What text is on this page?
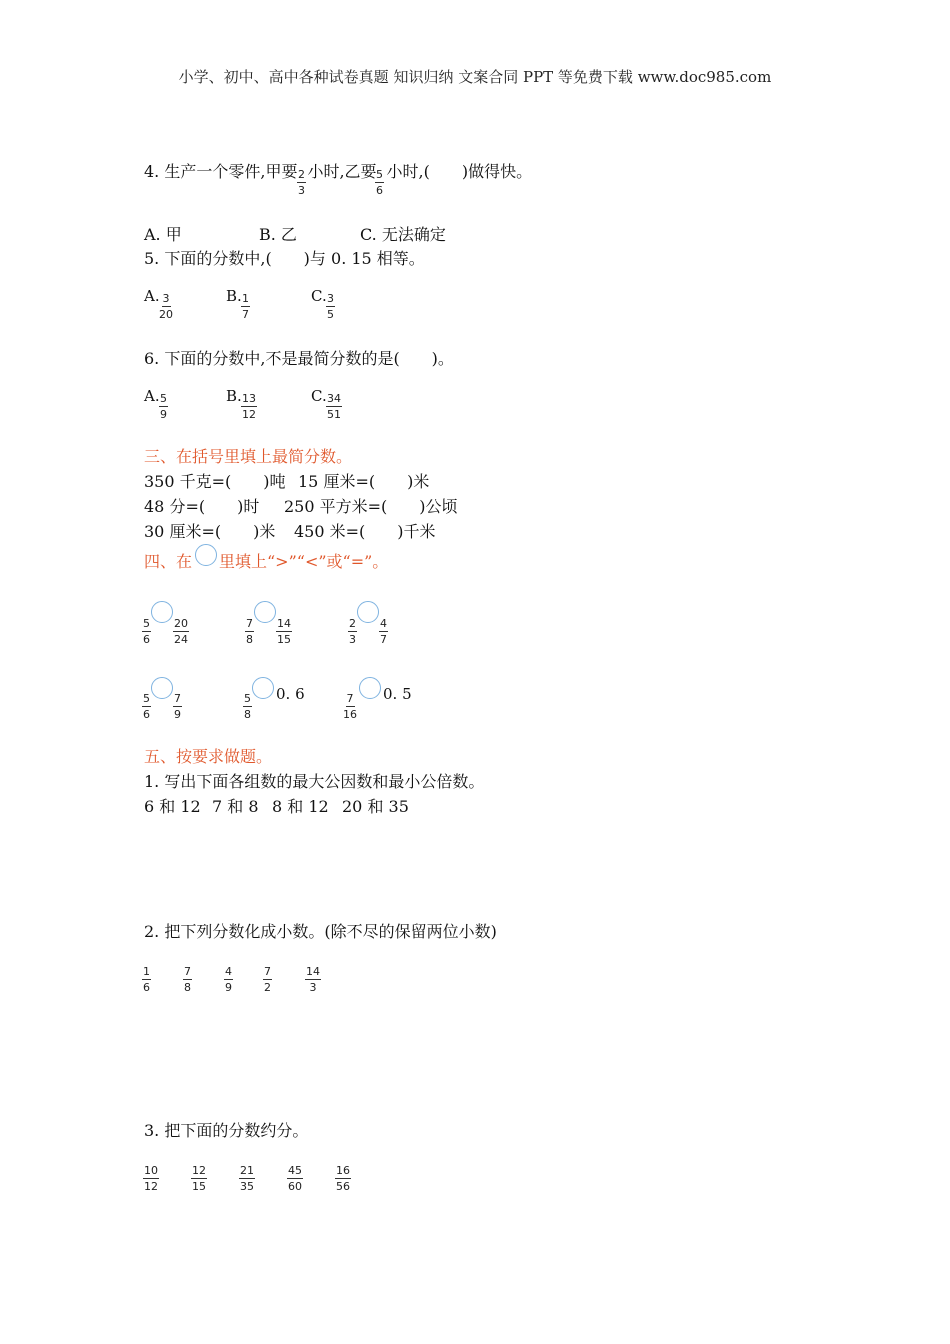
小学、初中、高中各种试卷真题 知识归纳 文案合同 PPT 等免费下载 www.doc985.com
4. 生产一个零件,甲要 小时,乙要 小时,(　　)做得快。
$\frac{2}{3}$	$\frac{5}{6}$
A. 甲	B. 乙	C. 无法确定
5. 下面的分数中,(　　)与 0. 15 相等。
A. $\frac{3}{20}$	B. $\frac{1}{7}$	C. $\frac{3}{5}$
6. 下面的分数中,不是最简分数的是(　　)。
A. $\frac{5}{9}$	B. $\frac{13}{12}$	C. $\frac{34}{51}$
三、在括号里填上最简分数。
350 千克=(　　)吨 15 厘米=(　　)米
48 分=(　　)时 250 平方米=(　　)公顷
30 厘米=(　　)米 450 米=(　　)千米
四、在 里填上“>”“<”或“=”。
$\frac{5}{6} \frac{20}{24}$	$\frac{7}{8} \frac{14}{15}$	$\frac{2}{3} \frac{4}{7}$
$\frac{5}{6} \frac{7}{9}$	$\frac{5}{8} 0$. 6	$\frac{7}{16} 0$. 5
五、按要求做题。
1. 写出下面各组数的最大公因数和最小公倍数。
6 和 12 7 和 8 8 和 12 20 和 35
2. 把下列分数化成小数。(除不尽的保留两位小数)
$\frac{1}{6}$	$\frac{7}{8}$	$\frac{4}{9}$	$\frac{7}{2}$	$\frac{14}{3}$
3. 把下面的分数约分。
$\frac{10}{12}$	$\frac{12}{15}$	$\frac{21}{35}$	$\frac{45}{60}$	$\frac{16}{56}$
